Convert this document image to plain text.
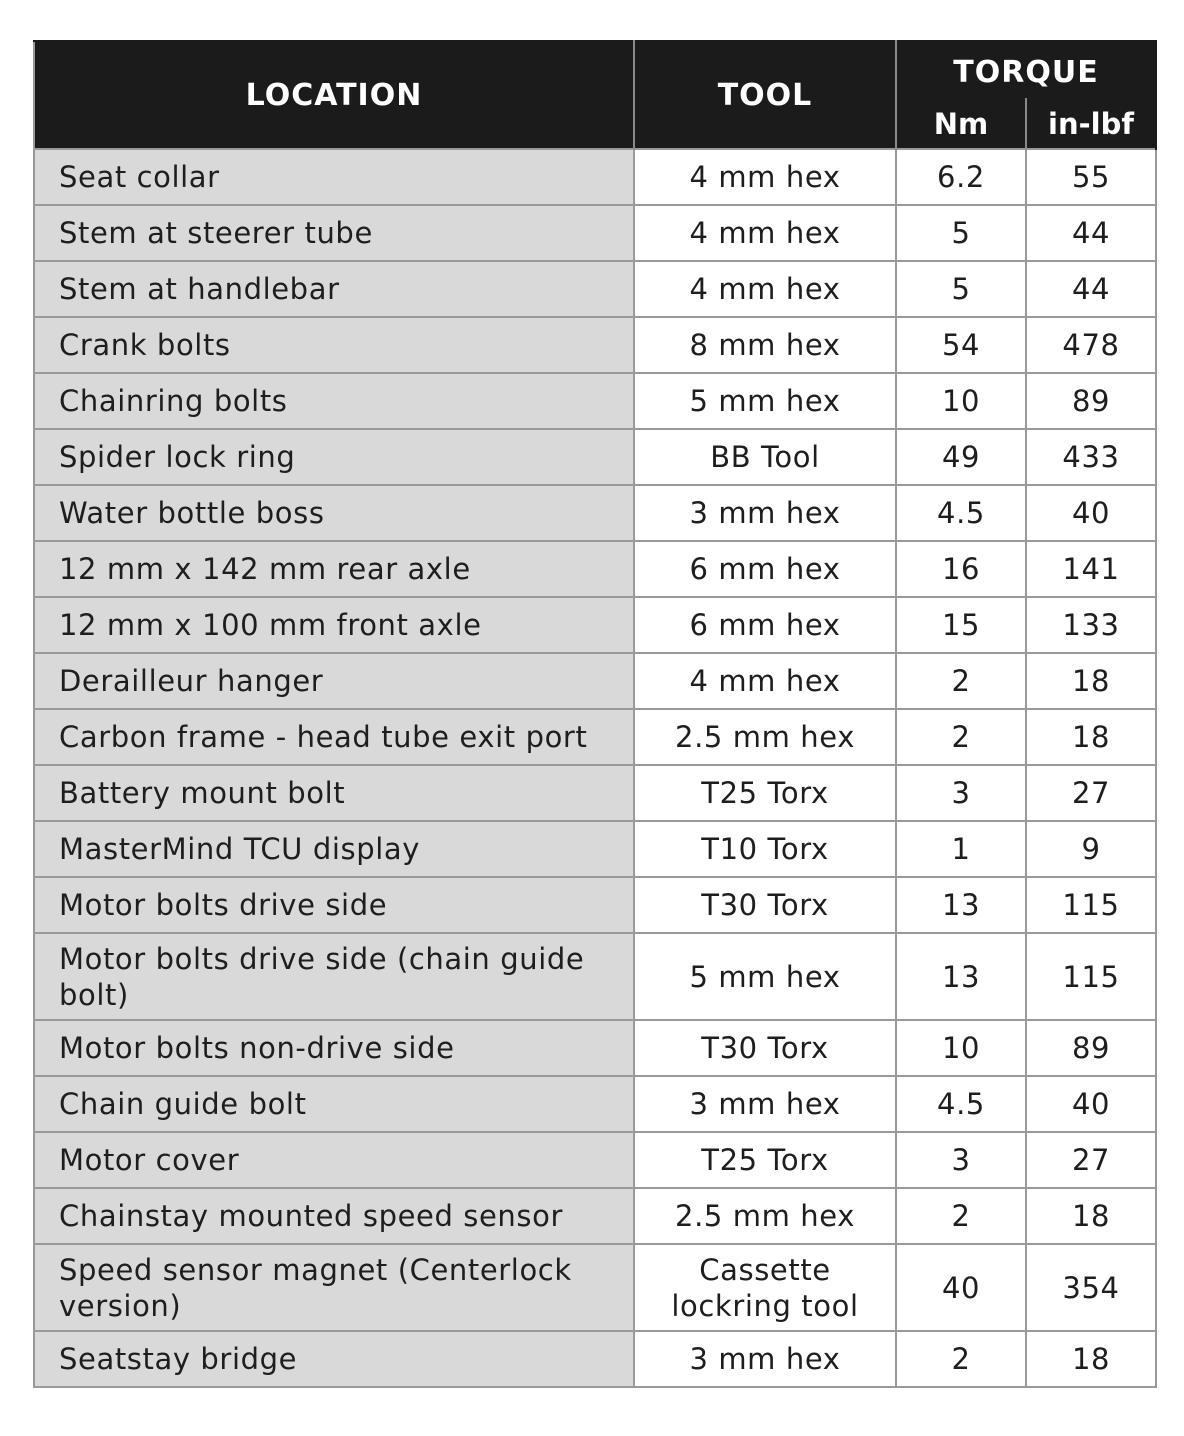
LOCATION	TOOL	TORQUE	
		Nm	in-lbf
Seat collar	4 mm hex	6.2	55
Stem at steerer tube	4 mm hex	5	44
Stem at handlebar	4 mm hex	5	44
Crank bolts	8 mm hex	54	478
Chainring bolts	5 mm hex	10	89
Spider lock ring	BB Tool	49	433
Water bottle boss	3 mm hex	4.5	40
12 mm x 142 mm rear axle	6 mm hex	16	141
12 mm x 100 mm front axle	6 mm hex	15	133
Derailleur hanger	4 mm hex	2	18
Carbon frame - head tube exit port	2.5 mm hex	2	18
Battery mount bolt	T25 Torx	3	27
MasterMind TCU display	T10 Torx	1	9
Motor bolts drive side	T30 Torx	13	115
Motor bolts drive side (chain guide bolt)	5 mm hex	13	115
Motor bolts non-drive side	T30 Torx	10	89
Chain guide bolt	3 mm hex	4.5	40
Motor cover	T25 Torx	3	27
Chainstay mounted speed sensor	2.5 mm hex	2	18
Speed sensor magnet (Centerlock version)	Cassette lockring tool	40	354
Seatstay bridge	3 mm hex	2	18
